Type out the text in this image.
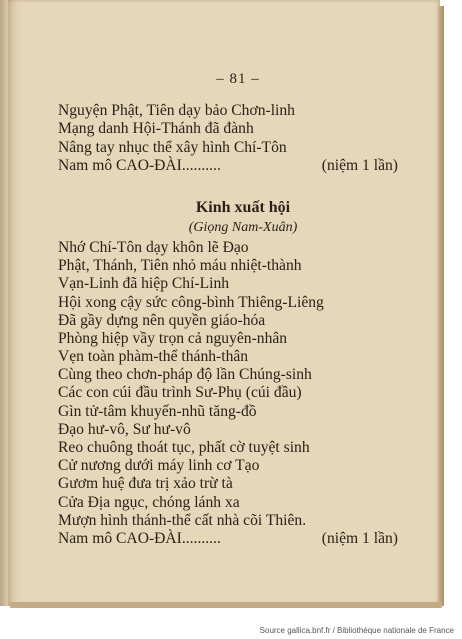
– 81 –
Nguyện Phật, Tiên dạy bảo Chơn-linh
Mạng danh Hội-Thánh đã đành
Nâng tay nhục thể xây hình Chí-Tôn
Nam mô CAO-ĐÀI..........	(niệm 1 lần)
Kinh xuất hội
(Giọng Nam-Xuân)
Nhớ Chí-Tôn dạy khôn lẽ Đạo
Phật, Thánh, Tiên nhỏ máu nhiệt-thành
Vạn-Linh đã hiệp Chí-Linh
Hội xong cậy sức công-bình Thiêng-Liêng
Đã gầy dựng nên quyền giáo-hóa
Phòng hiệp vầy trọn cả nguyên-nhân
Vẹn toàn phàm-thể thánh-thân
Cùng theo chơn-pháp độ lần Chúng-sinh
Các con cúi đầu trình Sư-Phụ (cúi đầu)
Gìn tử-tâm khuyến-nhũ tăng-đồ
Đạo hư-vô, Sư hư-vô
Reo chuông thoát tục, phất cờ tuyệt sinh
Cử nương dưới máy linh cơ Tạo
Gươm huệ đưa trị xảo trừ tà
Cửa Địa ngục, chóng lánh xa
Mượn hình thánh-thể cất nhà cõi Thiên.
Nam mô CAO-ĐÀI..........	(niệm 1 lần)
Source gallica.bnf.fr / Bibliothèque nationale de France
